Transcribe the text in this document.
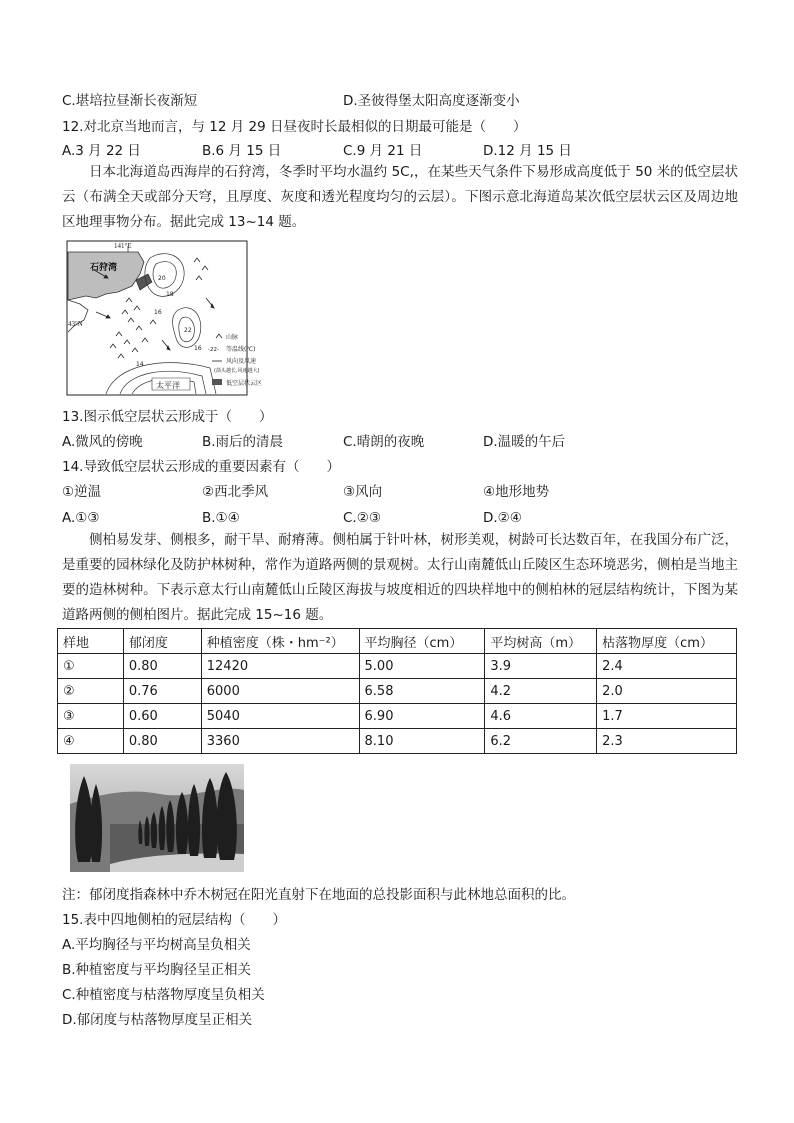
C.堪培拉昼渐长夜渐短	D.圣彼得堡太阳高度逐渐变小
12.对北京当地而言，与 12 月 29 日昼夜时长最相似的日期最可能是（　　）
A.3 月 22 日	B.6 月 15 日	C.9 月 21 日	D.12 月 15 日
日本北海道岛西海岸的石狩湾，冬季时平均水温约 5C,，在某些天气条件下易形成高度低于 50 米的低空层状云（布满全天或部分天穹，且厚度、灰度和透光程度均匀的云层）。下图示意北海道岛某次低空层状云区及周边地区地理事物分布。据此完成 13~14 题。
141°E
43°N
石狩湾
太平洋
20
18
16
22
16
14
山脉
-22- 等温线(℃)
风向及风速
(箭头越长,风速越大)
低空层状云区
13.图示低空层状云形成于（　　）
A.微风的傍晚	B.雨后的清晨	C.晴朗的夜晚	D.温暖的午后
14.导致低空层状云形成的重要因素有（　　）
①逆温	②西北季风	③风向	④地形地势
A.①③	B.①④	C.②③	D.②④
侧柏易发芽、侧根多，耐干旱、耐瘠薄。侧柏属于针叶林，树形美观，树龄可长达数百年，在我国分布广泛，是重要的园林绿化及防护林树种，常作为道路两侧的景观树。太行山南麓低山丘陵区生态环境恶劣，侧柏是当地主要的造林树种。下表示意太行山南麓低山丘陵区海拔与坡度相近的四块样地中的侧柏林的冠层结构统计，下图为某道路两侧的侧柏图片。据此完成 15~16 题。
样地	郁闭度	种植密度（株・hm⁻²）	平均胸径（cm）	平均树高（m）	枯落物厚度（cm）
①	0.80	12420	5.00	3.9	2.4
②	0.76	6000	6.58	4.2	2.0
③	0.60	5040	6.90	4.6	1.7
④	0.80	3360	8.10	6.2	2.3
注：郁闭度指森林中乔木树冠在阳光直射下在地面的总投影面积与此林地总面积的比。
15.表中四地侧柏的冠层结构（　　）
A.平均胸径与平均树高呈负相关
B.种植密度与平均胸径呈正相关
C.种植密度与枯落物厚度呈负相关
D.郁闭度与枯落物厚度呈正相关
